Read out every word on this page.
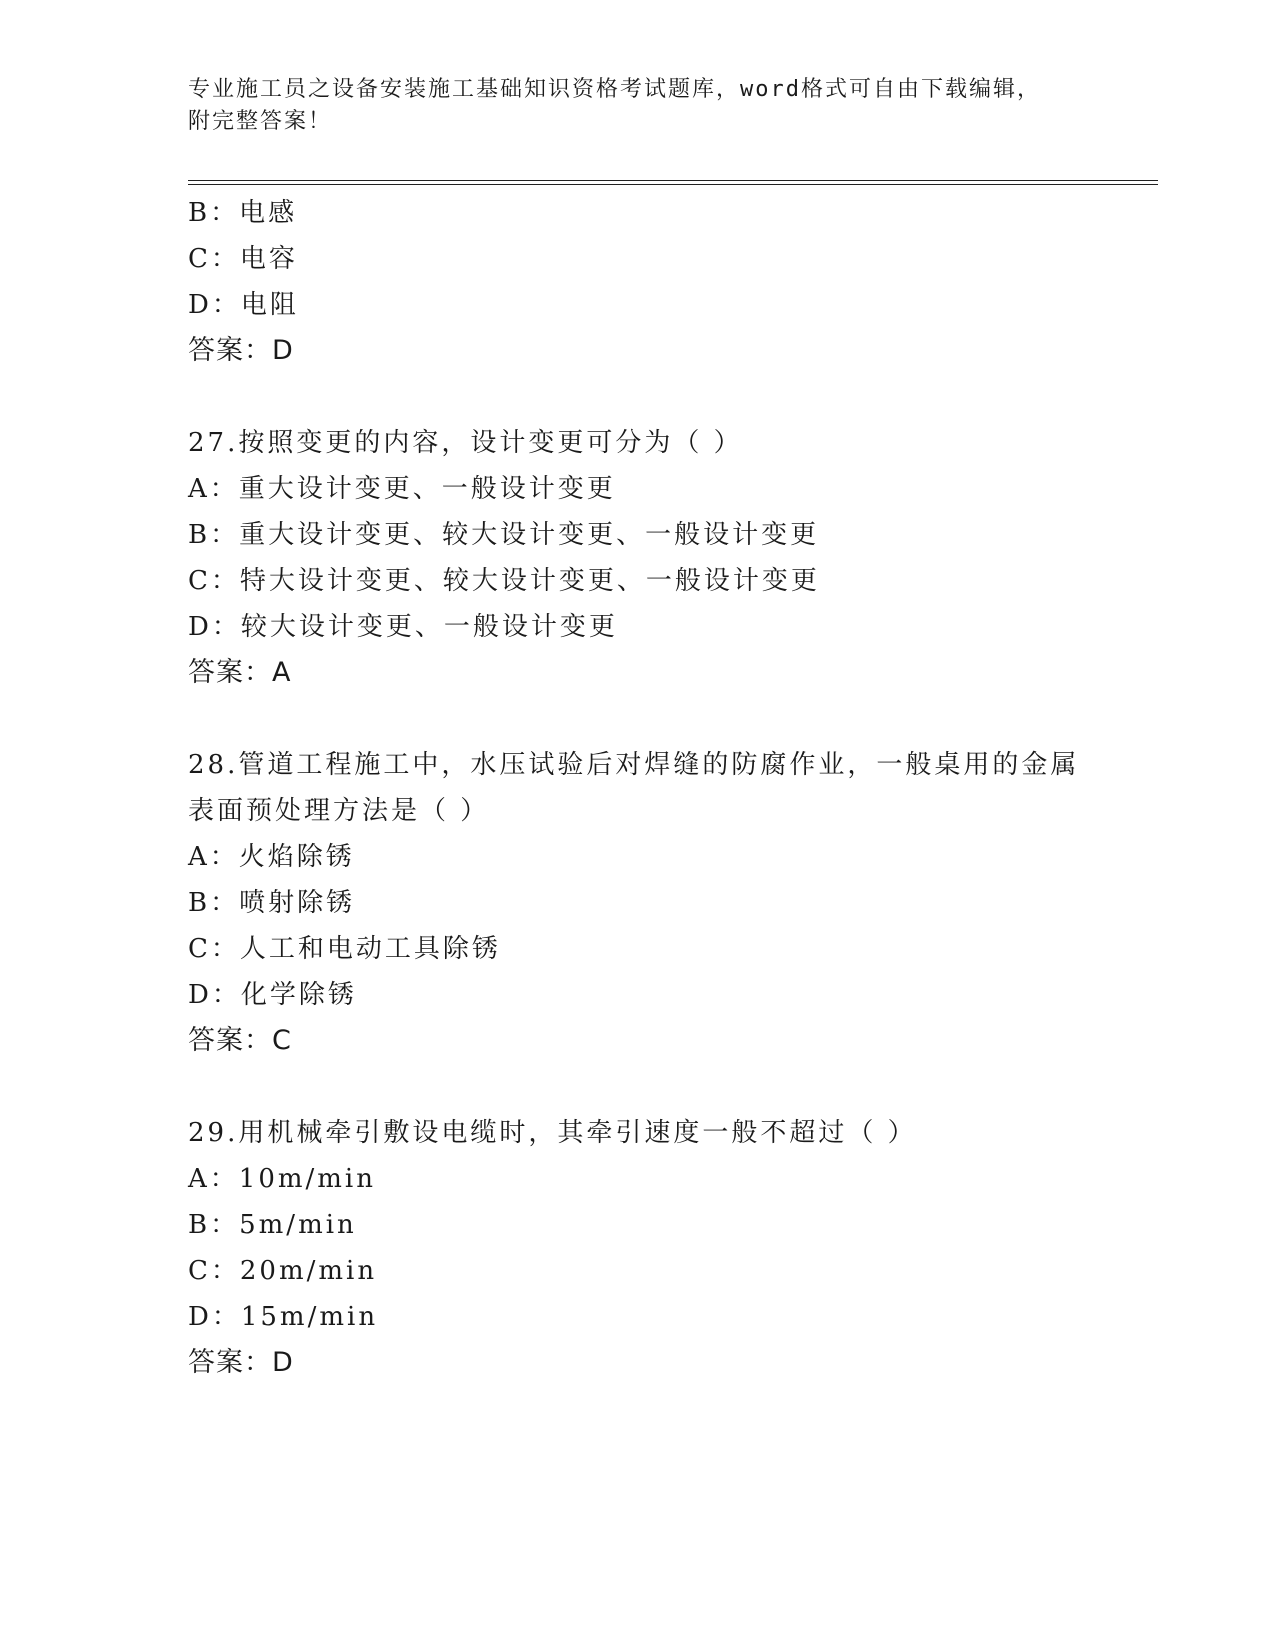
专业施工员之设备安装施工基础知识资格考试题库，word格式可自由下载编辑，
附完整答案！
B：电感
C：电容
D：电阻
答案：D
27.按照变更的内容，设计变更可分为（ ）
A：重大设计变更、一般设计变更
B：重大设计变更、较大设计变更、一般设计变更
C：特大设计变更、较大设计变更、一般设计变更
D：较大设计变更、一般设计变更
答案：A
28.管道工程施工中，水压试验后对焊缝的防腐作业，一般桌用的金属
表面预处理方法是（ ）
A：火焰除锈
B：喷射除锈
C：人工和电动工具除锈
D：化学除锈
答案：C
29.用机械牵引敷设电缆时，其牵引速度一般不超过（ ）
A：10m/min
B：5m/min
C：20m/min
D：15m/min
答案：D
